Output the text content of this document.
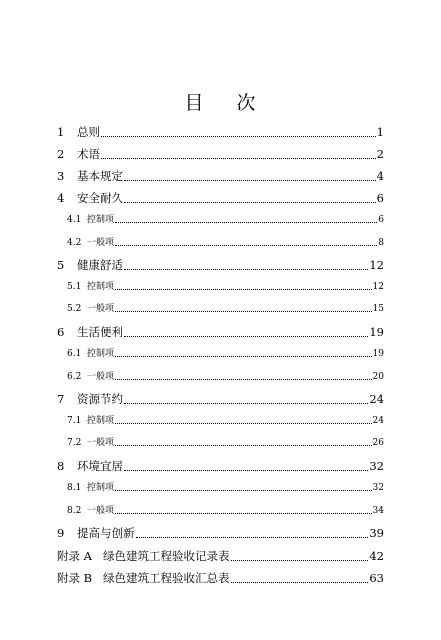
目 次
1	总则	1
2	术语	2
3	基本规定	4
4	安全耐久	6
4.1 控制项	6
4.2 一般项	8
5	健康舒适	12
5.1 控制项	12
5.2 一般项	15
6	生活便利	19
6.1 控制项	19
6.2 一般项	20
7	资源节约	24
7.1 控制项	24
7.2 一般项	26
8	环境宜居	32
8.1 控制项	32
8.2 一般项	34
9	提高与创新	39
附录 A 绿色建筑工程验收记录表	42
附录 B 绿色建筑工程验收汇总表	63
